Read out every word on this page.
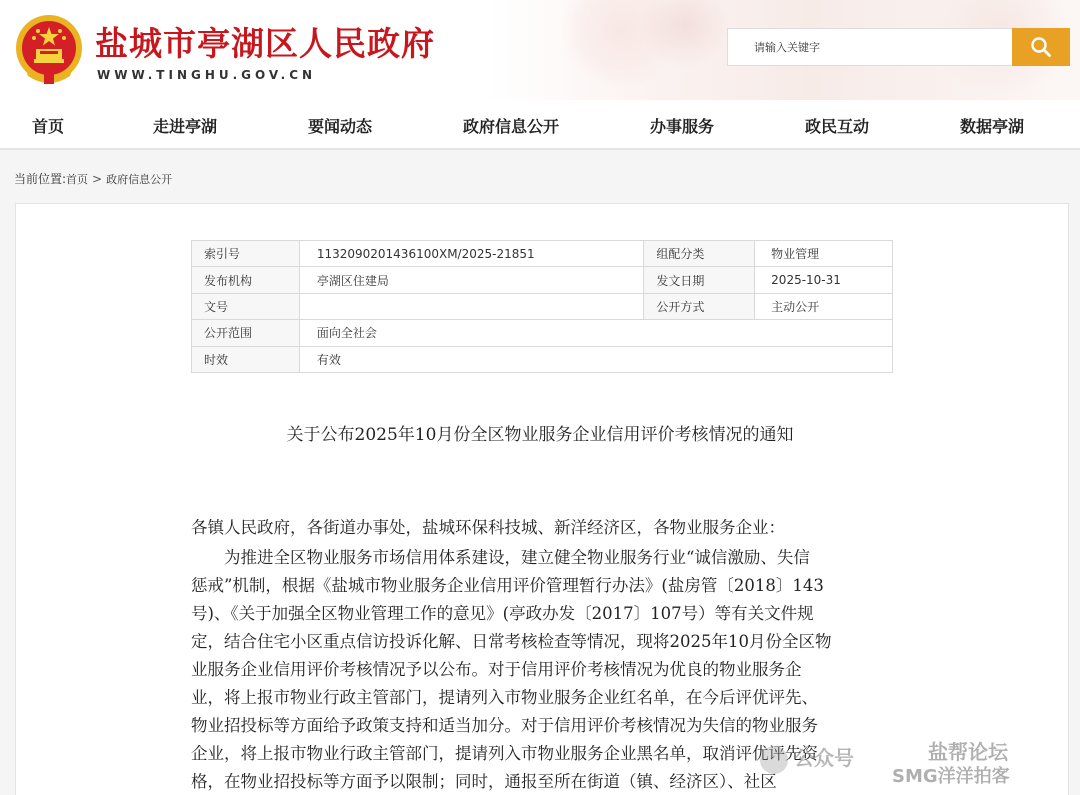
盐城市亭湖区人民政府
WWW.TINGHU.GOV.CN
请输入关键字
首页	走进亭湖	要闻动态	政府信息公开	办事服务	政民互动	数据亭湖
当前位置:首页 > 政府信息公开
索引号	1132090201436100XM/2025-21851	组配分类	物业管理
发布机构	亭湖区住建局	发文日期	2025-10-31
文号		公开方式	主动公开
公开范围	面向全社会		
时效	有效		
关于公布2025年10月份全区物业服务企业信用评价考核情况的通知
各镇人民政府，各街道办事处，盐城环保科技城、新洋经济区，各物业服务企业：
　　为推进全区物业服务市场信用体系建设，建立健全物业服务行业“诚信激励、失信
惩戒”机制，根据《盐城市物业服务企业信用评价管理暂行办法》(盐房管〔2018〕143
号)、《关于加强全区物业管理工作的意见》(亭政办发〔2017〕107号）等有关文件规
定，结合住宅小区重点信访投诉化解、日常考核检查等情况，现将2025年10月份全区物
业服务企业信用评价考核情况予以公布。对于信用评价考核情况为优良的物业服务企
业，将上报市物业行政主管部门，提请列入市物业服务企业红名单，在今后评优评先、
物业招投标等方面给予政策支持和适当加分。对于信用评价考核情况为失信的物业服务
企业，将上报市物业行政主管部门，提请列入市物业服务企业黑名单，取消评优评先资
格，在物业招投标等方面予以限制；同时，通报至所在街道（镇、经济区）、社区
公众号	盐帮论坛
SMG洋洋拍客
